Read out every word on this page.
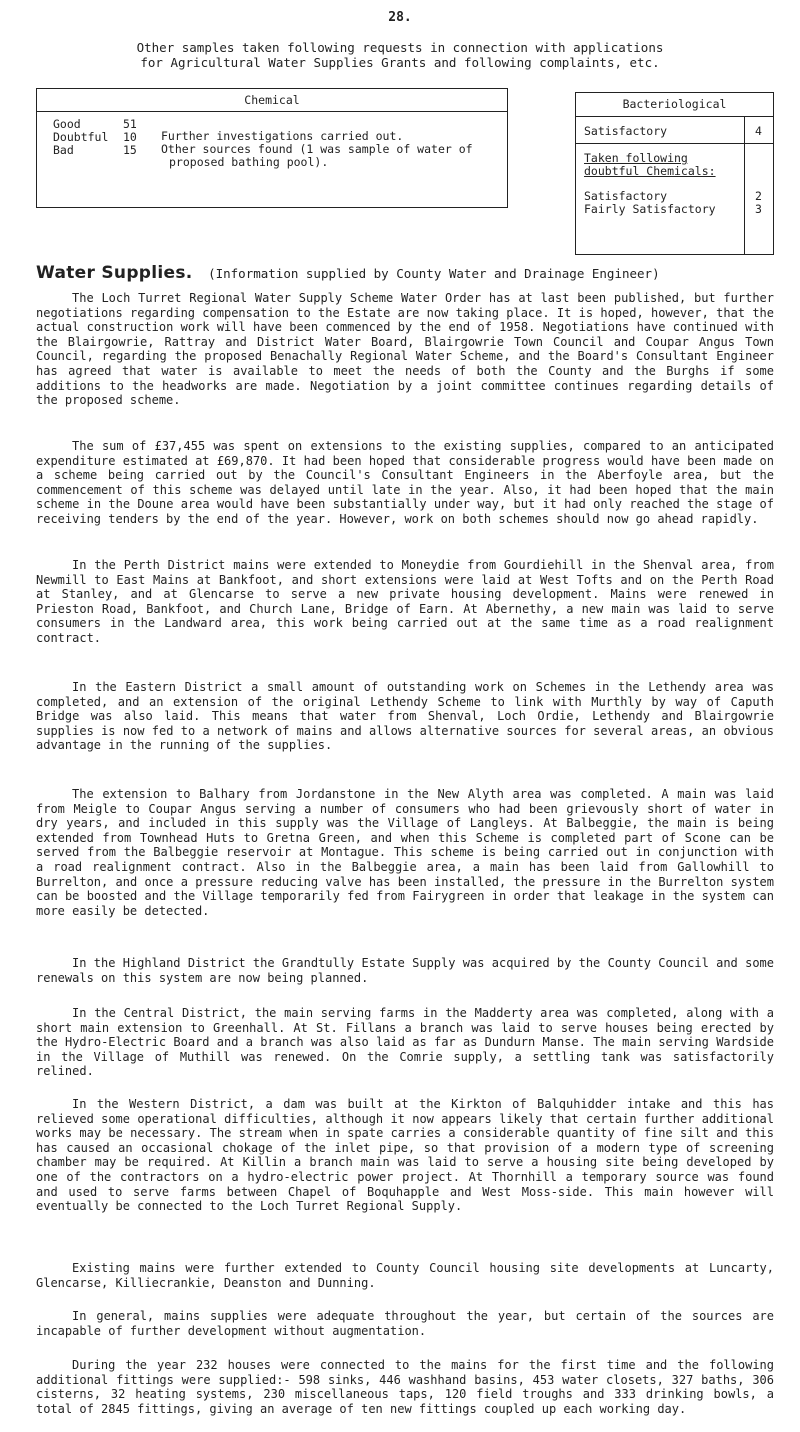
28.
Other samples taken following requests in connection with applications
for Agricultural Water Supplies Grants and following complaints, etc.
Chemical
Good	51
Doubtful 10
Bad	15
Further investigations carried out.
Other sources found (1 was sample of water of
proposed bathing pool).
Bacteriological
Satisfactory	4
Taken following
doubtful Chemicals:
Satisfactory	2
Fairly Satisfactory	3
Water Supplies. (Information supplied by County Water and Drainage Engineer)

The Loch Turret Regional Water Supply Scheme Water Order has at last been published, but further negotiations regarding compensation to the Estate are now taking place. It is hoped, however, that the actual construction work will have been commenced by the end of 1958. Negotiations have continued with the Blairgowrie, Rattray and District Water Board, Blairgowrie Town Council and Coupar Angus Town Council, regarding the proposed Benachally Regional Water Scheme, and the Board's Consultant Engineer has agreed that water is available to meet the needs of both the County and the Burghs if some additions to the headworks are made. Negotiation by a joint committee continues regarding details of the proposed scheme.

The sum of £37,455 was spent on extensions to the existing supplies, compared to an anticipated expenditure estimated at £69,870. It had been hoped that considerable progress would have been made on a scheme being carried out by the Council's Consultant Engineers in the Aberfoyle area, but the commencement of this scheme was delayed until late in the year. Also, it had been hoped that the main scheme in the Doune area would have been substantially under way, but it had only reached the stage of receiving tenders by the end of the year. However, work on both schemes should now go ahead rapidly.

In the Perth District mains were extended to Moneydie from Gourdiehill in the Shenval area, from Newmill to East Mains at Bankfoot, and short extensions were laid at West Tofts and on the Perth Road at Stanley, and at Glencarse to serve a new private housing development. Mains were renewed in Prieston Road, Bankfoot, and Church Lane, Bridge of Earn. At Abernethy, a new main was laid to serve consumers in the Landward area, this work being carried out at the same time as a road realignment contract.

In the Eastern District a small amount of outstanding work on Schemes in the Lethendy area was completed, and an extension of the original Lethendy Scheme to link with Murthly by way of Caputh Bridge was also laid. This means that water from Shenval, Loch Ordie, Lethendy and Blairgowrie supplies is now fed to a network of mains and allows alternative sources for several areas, an obvious advantage in the running of the supplies.

The extension to Balhary from Jordanstone in the New Alyth area was completed. A main was laid from Meigle to Coupar Angus serving a number of consumers who had been grievously short of water in dry years, and included in this supply was the Village of Langleys. At Balbeggie, the main is being extended from Townhead Huts to Gretna Green, and when this Scheme is completed part of Scone can be served from the Balbeggie reservoir at Montague. This scheme is being carried out in conjunction with a road realignment contract. Also in the Balbeggie area, a main has been laid from Gallowhill to Burrelton, and once a pressure reducing valve has been installed, the pressure in the Burrelton system can be boosted and the Village temporarily fed from Fairygreen in order that leakage in the system can more easily be detected.

In the Highland District the Grandtully Estate Supply was acquired by the County Council and some renewals on this system are now being planned.

In the Central District, the main serving farms in the Madderty area was completed, along with a short main extension to Greenhall. At St. Fillans a branch was laid to serve houses being erected by the Hydro-Electric Board and a branch was also laid as far as Dundurn Manse. The main serving Wardside in the Village of Muthill was renewed. On the Comrie supply, a settling tank was satisfactorily relined.

In the Western District, a dam was built at the Kirkton of Balquhidder intake and this has relieved some operational difficulties, although it now appears likely that certain further additional works may be necessary. The stream when in spate carries a considerable quantity of fine silt and this has caused an occasional chokage of the inlet pipe, so that provision of a modern type of screening chamber may be required. At Killin a branch main was laid to serve a housing site being developed by one of the contractors on a hydro-electric power project. At Thornhill a temporary source was found and used to serve farms between Chapel of Boquhapple and West Moss-side. This main however will eventually be connected to the Loch Turret Regional Supply.

Existing mains were further extended to County Council housing site developments at Luncarty, Glencarse, Killiecrankie, Deanston and Dunning.

In general, mains supplies were adequate throughout the year, but certain of the sources are incapable of further development without augmentation.

During the year 232 houses were connected to the mains for the first time and the following additional fittings were supplied:- 598 sinks, 446 washhand basins, 453 water closets, 327 baths, 306 cisterns, 32 heating systems, 230 miscellaneous taps, 120 field troughs and 333 drinking bowls, a total of 2845 fittings, giving an average of ten new fittings coupled up each working day.
